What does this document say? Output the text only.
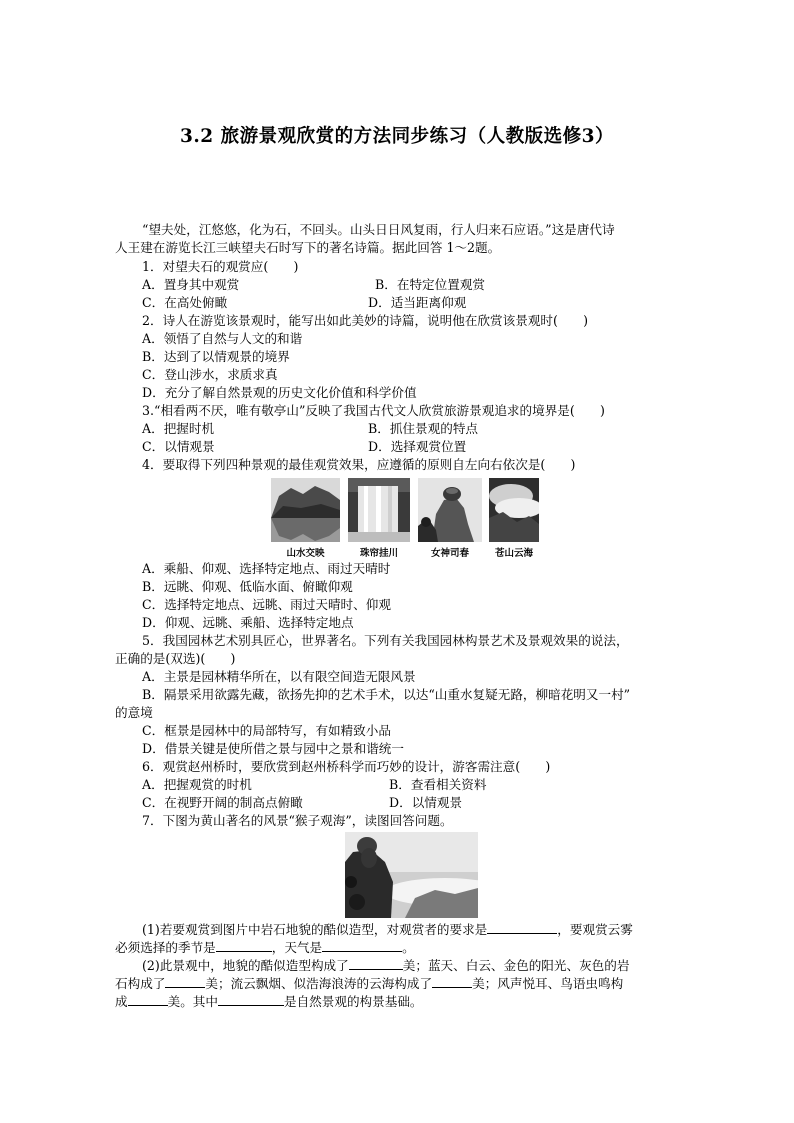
3.2 旅游景观欣赏的方法同步练习（人教版选修3）
“望夫处，江悠悠，化为石，不回头。山头日日风复雨，行人归来石应语。”这是唐代诗
人王建在游览长江三峡望夫石时写下的著名诗篇。据此回答 1～2题。
1．对望夫石的观赏应(　　)
A．置身其中观赏	B．在特定位置观赏
C．在高处俯瞰	D．适当距离仰观
2．诗人在游览该景观时，能写出如此美妙的诗篇，说明他在欣赏该景观时(　　)
A．领悟了自然与人文的和谐
B．达到了以情观景的境界
C．登山涉水，求质求真
D．充分了解自然景观的历史文化价值和科学价值
3.“相看两不厌，唯有敬亭山”反映了我国古代文人欣赏旅游景观追求的境界是(　　)
A．把握时机	B．抓住景观的特点
C．以情观景	D．选择观赏位置
4．要取得下列四种景观的最佳观赏效果，应遵循的原则自左向右依次是(　　)
山水交映	珠帘挂川	女神司春	苍山云海
A．乘船、仰观、选择特定地点、雨过天晴时
B．远眺、仰观、低临水面、俯瞰仰观
C．选择特定地点、远眺、雨过天晴时、仰观
D．仰观、远眺、乘船、选择特定地点
5．我国园林艺术别具匠心，世界著名。下列有关我国园林构景艺术及景观效果的说法，
正确的是(双选)(　　)
A．主景是园林精华所在，以有限空间造无限风景
B．隔景采用欲露先藏，欲扬先抑的艺术手术，以达“山重水复疑无路，柳暗花明又一村”
的意境
C．框景是园林中的局部特写，有如精致小品
D．借景关键是使所借之景与园中之景和谐统一
6．观赏赵州桥时，要欣赏到赵州桥科学而巧妙的设计，游客需注意(　　)
A．把握观赏的时机	B．查看相关资料
C．在视野开阔的制高点俯瞰	D．以情观景
7．下图为黄山著名的风景“猴子观海”，读图回答问题。
(1)若要观赏到图片中岩石地貌的酷似造型，对观赏者的要求是	，要观赏云雾
必须选择的季节是	，天气是	。
(2)此景观中，地貌的酷似造型构成了	美；蓝天、白云、金色的阳光、灰色的岩
石构成了	美；流云飘烟、似浩海浪涛的云海构成了	美；风声悦耳、鸟语虫鸣构
成	美。其中	是自然景观的构景基础。
